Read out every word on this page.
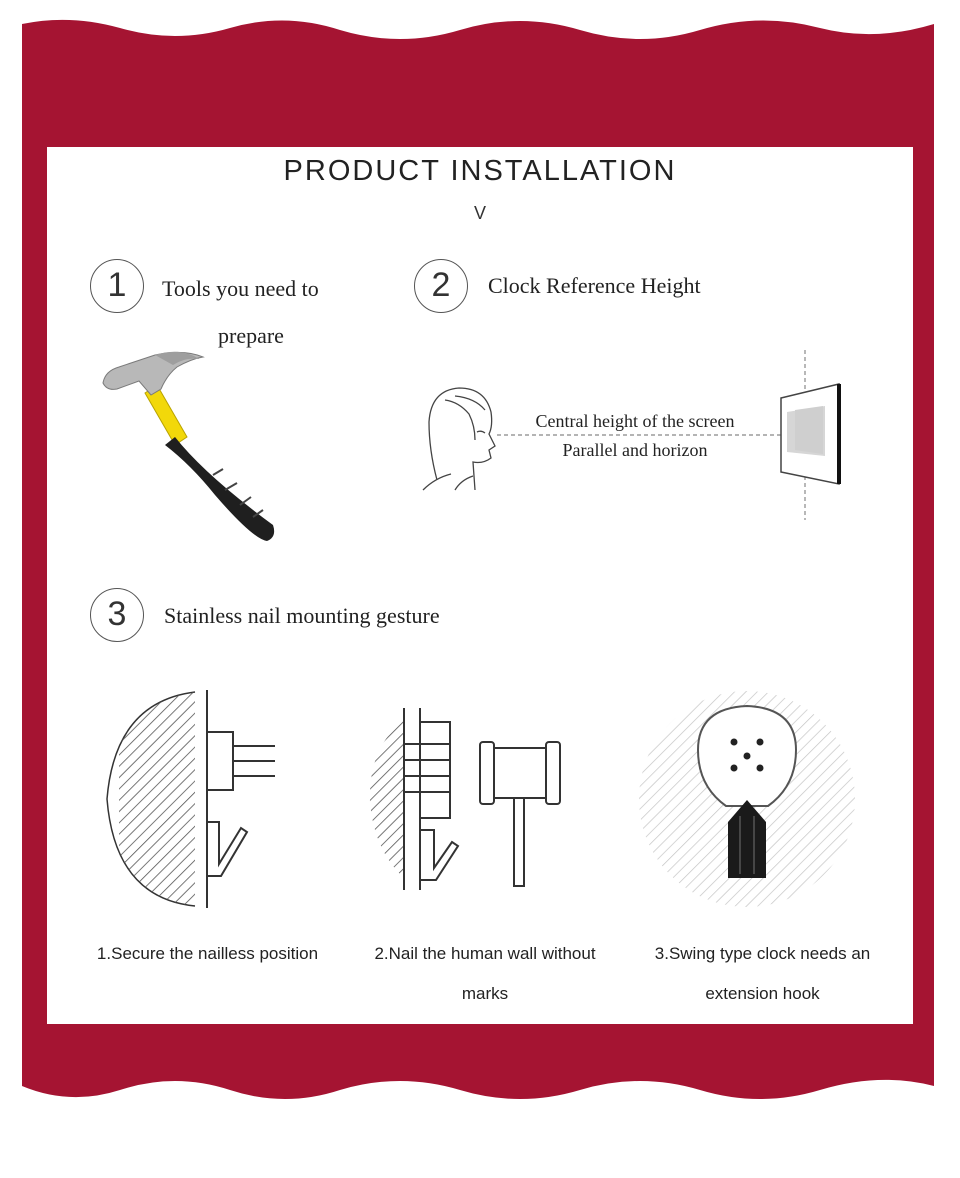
PRODUCT INSTALLATION
V
1	Tools you need to
prepare
2	Clock Reference Height
Central height of the screen
Parallel and horizon
3	Stainless nail mounting gesture
1.Secure the nailless position	2.Nail the human wall without
marks
3.Swing type clock needs an
extension hook
